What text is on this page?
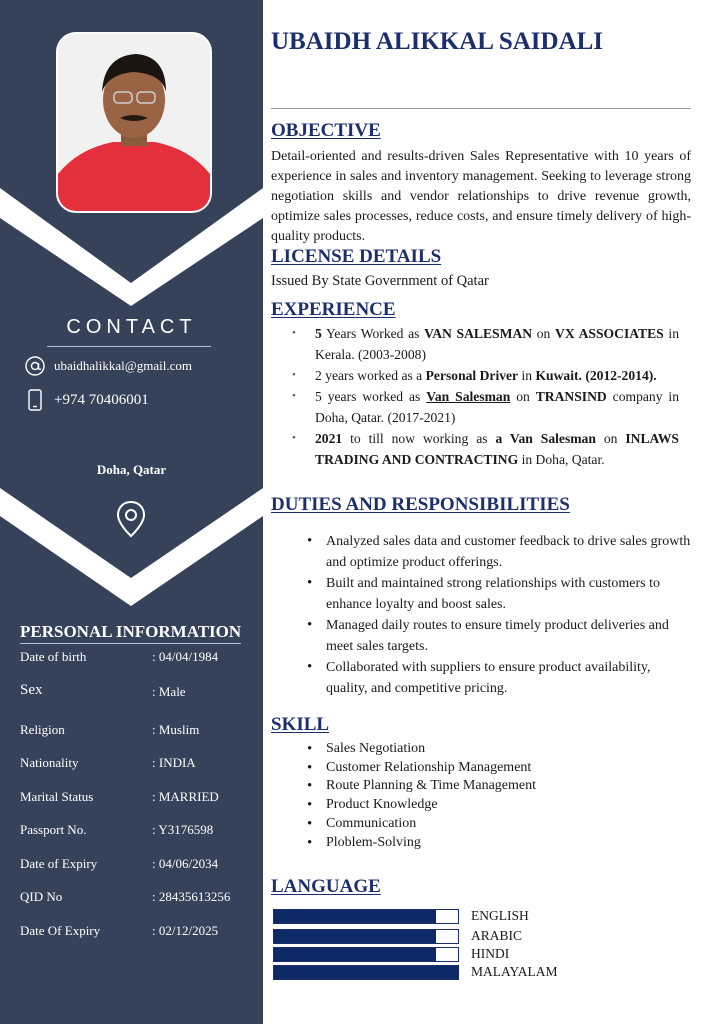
CONTACT
ubaidhalikkal@gmail.com
+974 70406001
Doha, Qatar
PERSONAL INFORMATION
Date of birth	: 04/04/1984
Sex	: Male
Religion	: Muslim
Nationality	: INDIA
Marital Status	: MARRIED
Passport No.	: Y3176598
Date of Expiry	: 04/06/2034
QID No	: 28435613256
Date Of Expiry	: 02/12/2025
UBAIDH ALIKKAL SAIDALI
OBJECTIVE
Detail-oriented and results-driven Sales Representative with 10 years of experience in sales and inventory management. Seeking to leverage strong negotiation skills and vendor relationships to drive revenue growth, optimize sales processes, reduce costs, and ensure timely delivery of high-quality products.
LICENSE DETAILS
Issued By State Government of Qatar
EXPERIENCE
• 5 Years Worked as VAN SALESMAN on VX ASSOCIATES in Kerala. (2003-2008)
• 2 years worked as a Personal Driver in Kuwait. (2012-2014).
• 5 years worked as Van Salesman on TRANSIND company in Doha, Qatar. (2017-2021)
• 2021 to till now working as a Van Salesman on INLAWS TRADING AND CONTRACTING in Doha, Qatar.
DUTIES AND RESPONSIBILITIES
• Analyzed sales data and customer feedback to drive sales growth and optimize product offerings.
• Built and maintained strong relationships with customers to enhance loyalty and boost sales.
• Managed daily routes to ensure timely product deliveries and meet sales targets.
• Collaborated with suppliers to ensure product availability, quality, and competitive pricing.
SKILL
• Sales Negotiation
• Customer Relationship Management
• Route Planning & Time Management
• Product Knowledge
• Communication
• Ploblem-Solving
LANGUAGE
ENGLISH
ARABIC
HINDI
MALAYALAM
